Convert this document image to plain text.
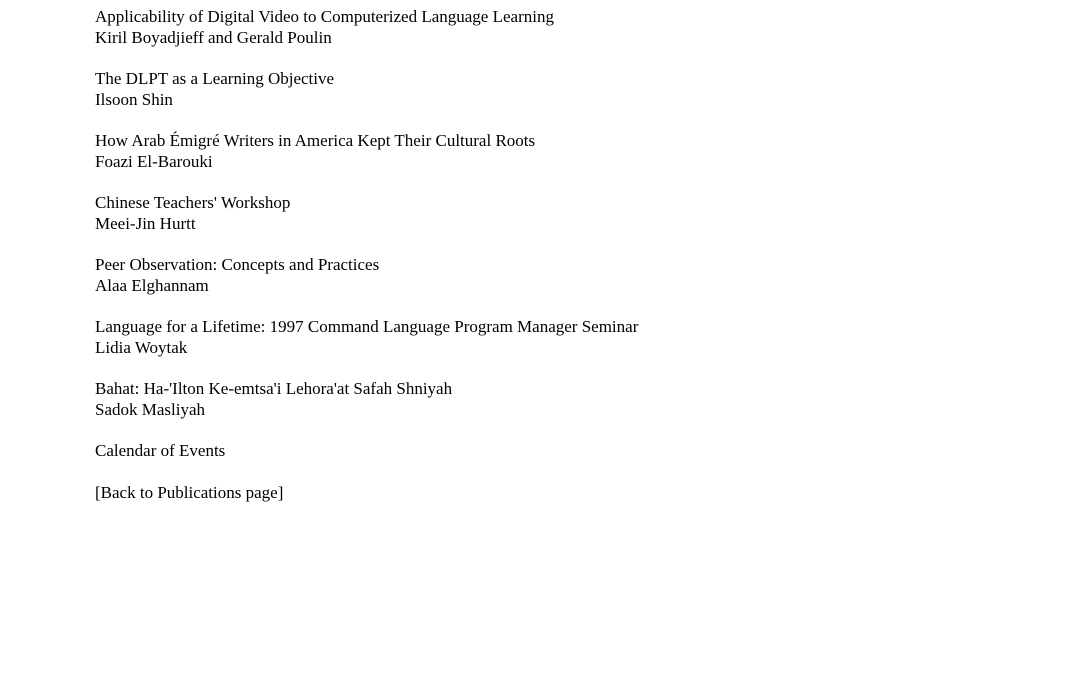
Applicability of Digital Video to Computerized Language Learning
Kiril Boyadjieff and Gerald Poulin
The DLPT as a Learning Objective
Ilsoon Shin
How Arab Émigré Writers in America Kept Their Cultural Roots
Foazi El-Barouki
Chinese Teachers' Workshop
Meei-Jin Hurtt
Peer Observation: Concepts and Practices
Alaa Elghannam
Language for a Lifetime: 1997 Command Language Program Manager Seminar
Lidia Woytak
Bahat: Ha-'Ilton Ke-emtsa'i Lehora'at Safah Shniyah
Sadok Masliyah
Calendar of Events
[Back to Publications page]
